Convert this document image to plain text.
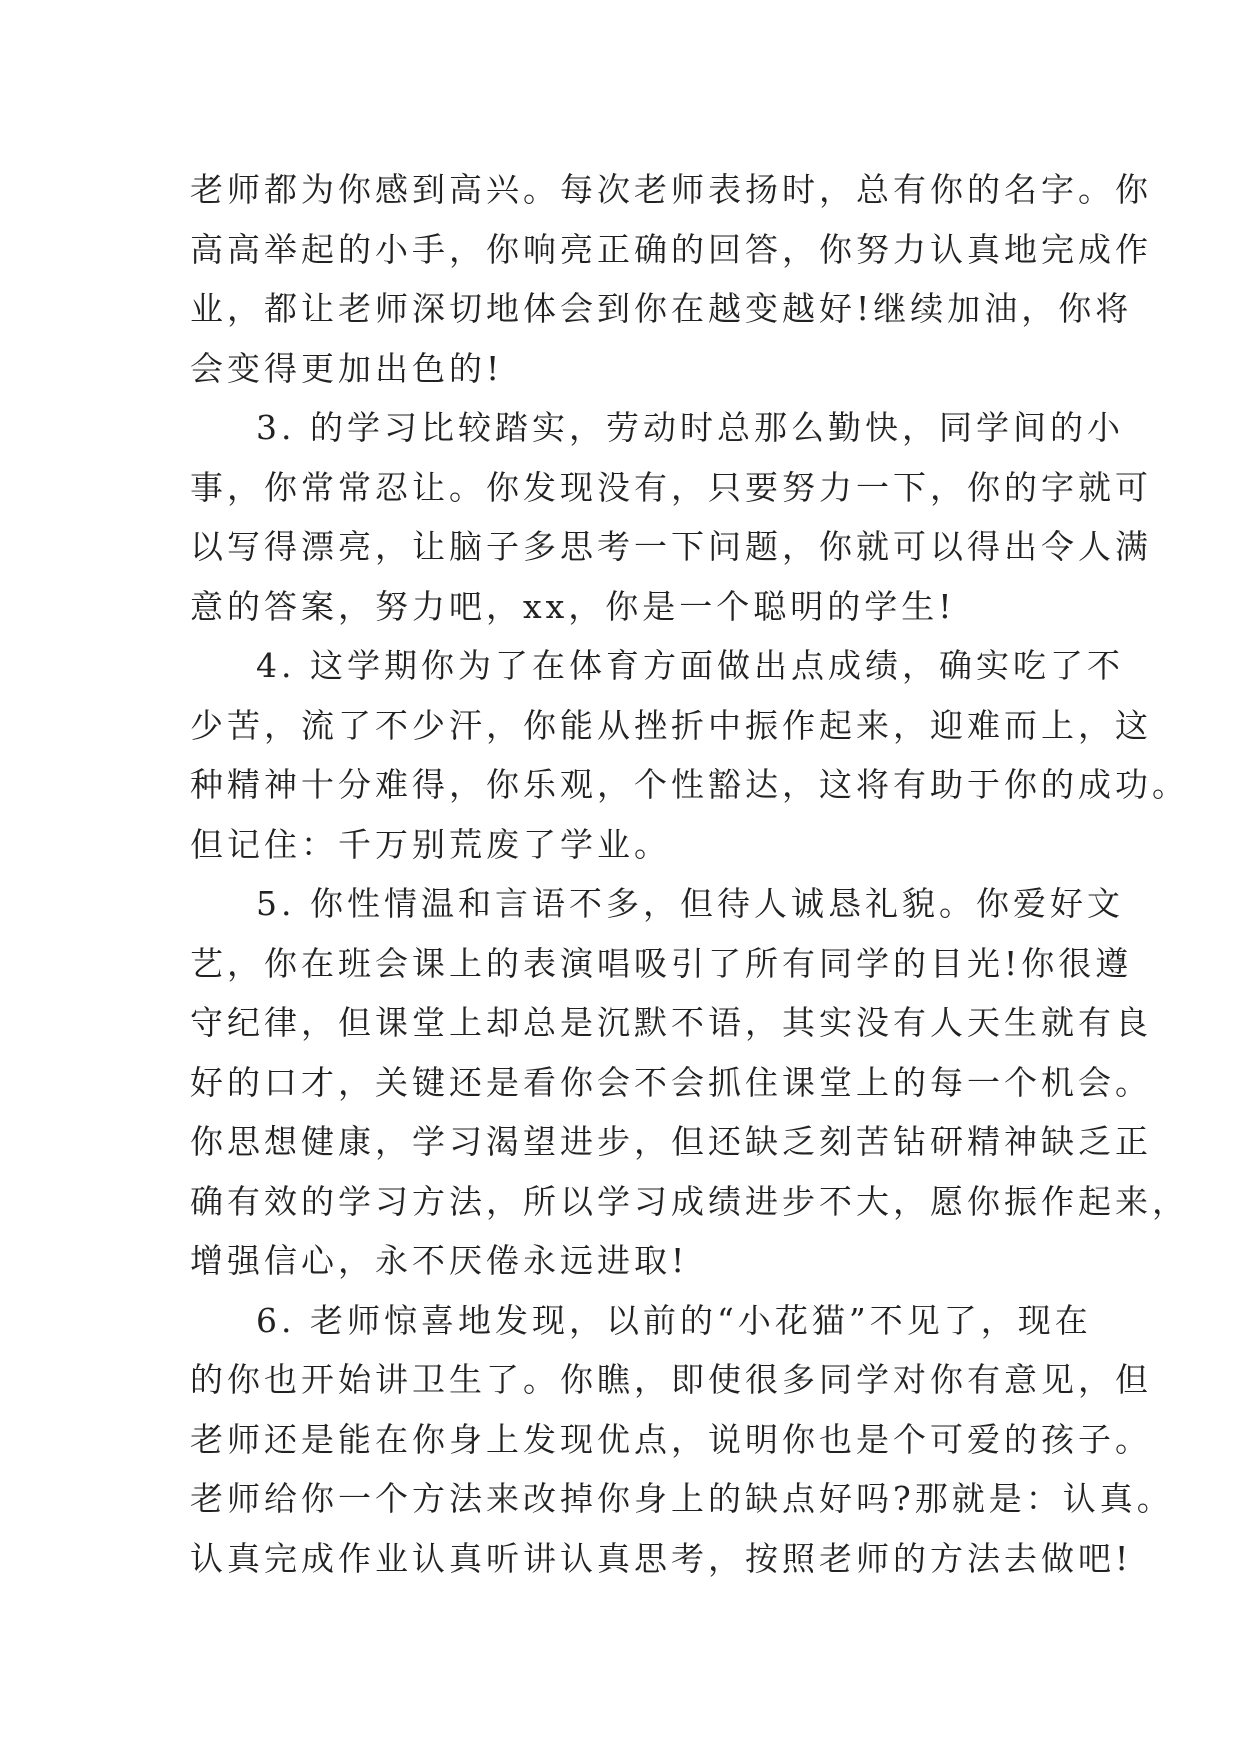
老师都为你感到高兴。每次老师表扬时，总有你的名字。你
高高举起的小手，你响亮正确的回答，你努力认真地完成作
业，都让老师深切地体会到你在越变越好!继续加油，你将
会变得更加出色的!
3. 的学习比较踏实，劳动时总那么勤快，同学间的小
事，你常常忍让。你发现没有，只要努力一下，你的字就可
以写得漂亮，让脑子多思考一下问题，你就可以得出令人满
意的答案，努力吧，xx，你是一个聪明的学生!
4. 这学期你为了在体育方面做出点成绩，确实吃了不
少苦，流了不少汗，你能从挫折中振作起来，迎难而上，这
种精神十分难得，你乐观，个性豁达，这将有助于你的成功。
但记住：千万别荒废了学业。
5. 你性情温和言语不多，但待人诚恳礼貌。你爱好文
艺，你在班会课上的表演唱吸引了所有同学的目光!你很遵
守纪律，但课堂上却总是沉默不语，其实没有人天生就有良
好的口才，关键还是看你会不会抓住课堂上的每一个机会。
你思想健康，学习渴望进步，但还缺乏刻苦钻研精神缺乏正
确有效的学习方法，所以学习成绩进步不大，愿你振作起来，
增强信心，永不厌倦永远进取!
6. 老师惊喜地发现，以前的“小花猫”不见了，现在
的你也开始讲卫生了。你瞧，即使很多同学对你有意见，但
老师还是能在你身上发现优点，说明你也是个可爱的孩子。
老师给你一个方法来改掉你身上的缺点好吗?那就是：认真。
认真完成作业认真听讲认真思考，按照老师的方法去做吧!
